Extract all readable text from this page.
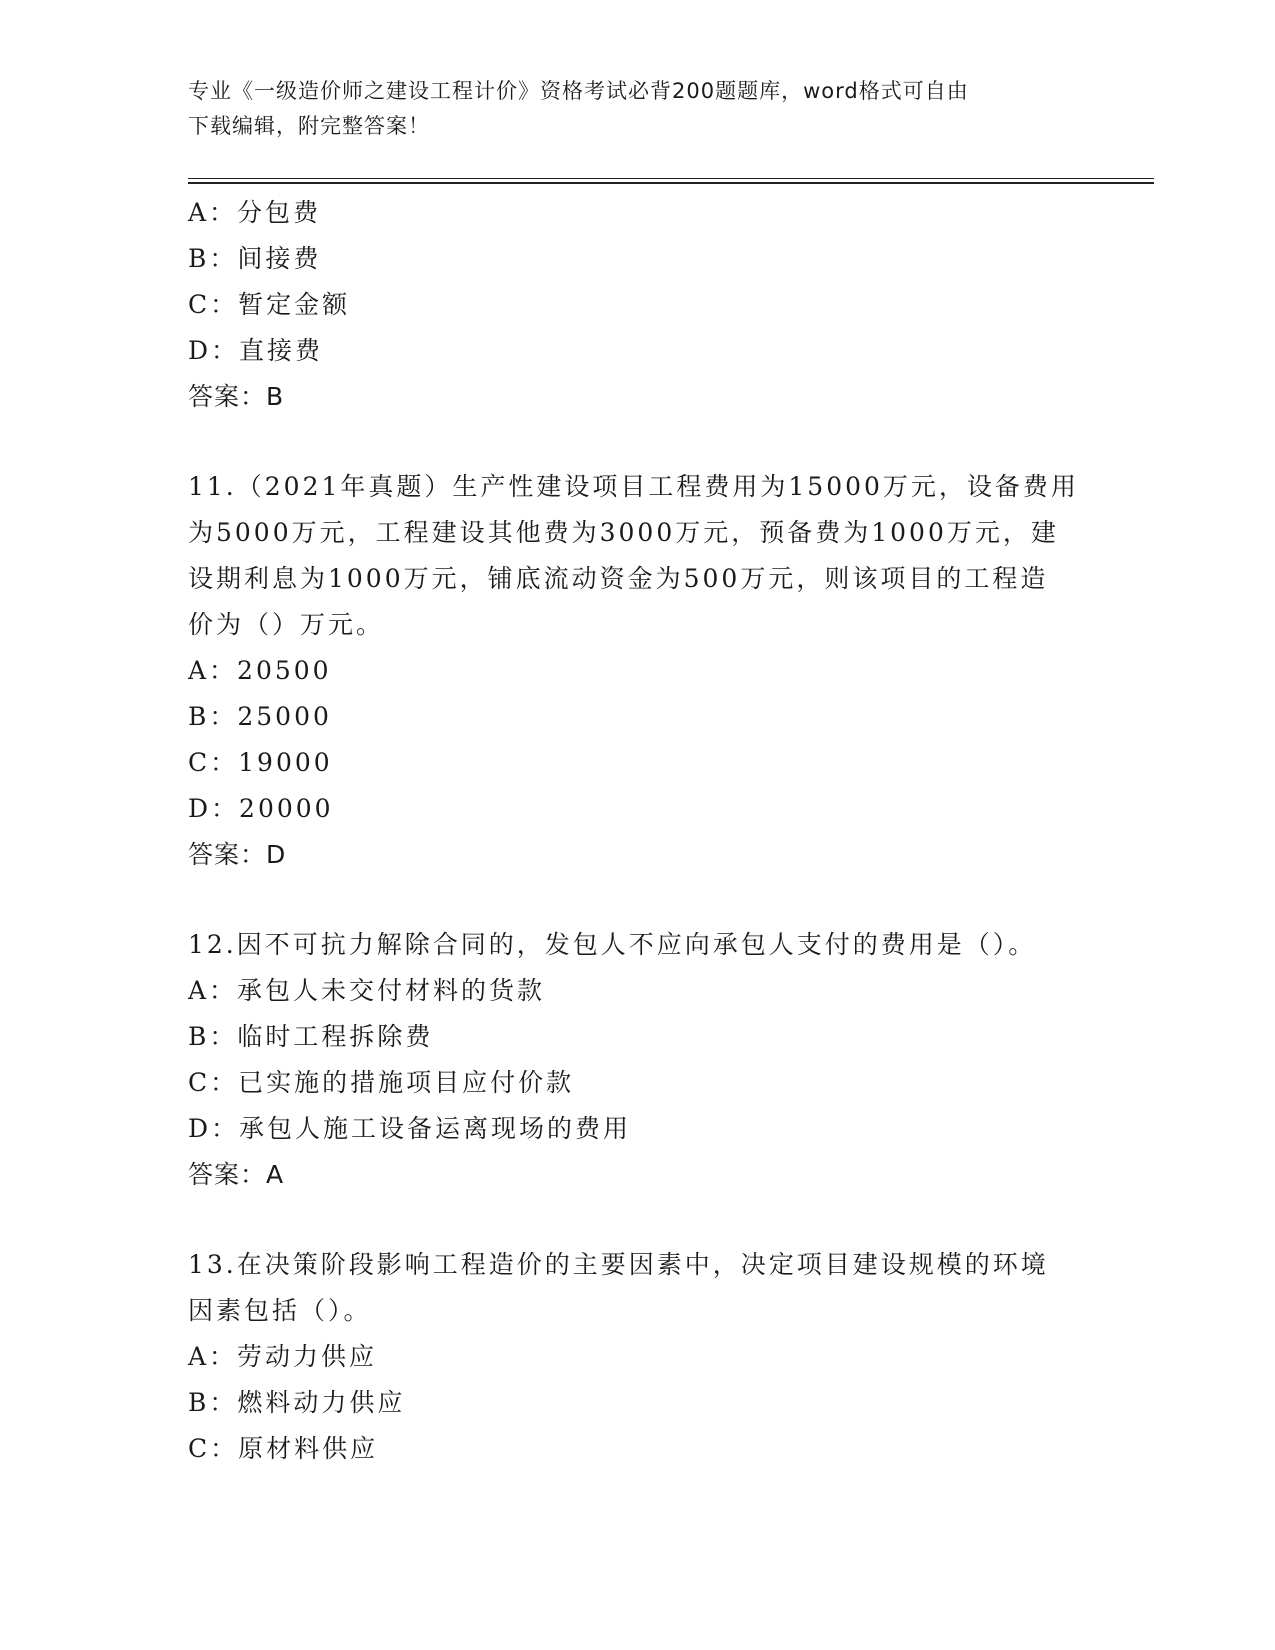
专业《一级造价师之建设工程计价》资格考试必背200题题库，word格式可自由
下载编辑，附完整答案！
A：分包费
B：间接费
C：暂定金额
D：直接费
答案：B
11.（2021年真题）生产性建设项目工程费用为15000万元，设备费用
为5000万元，工程建设其他费为3000万元，预备费为1000万元，建
设期利息为1000万元，铺底流动资金为500万元，则该项目的工程造
价为（）万元。
A：20500
B：25000
C：19000
D：20000
答案：D
12.因不可抗力解除合同的，发包人不应向承包人支付的费用是（）。
A：承包人未交付材料的货款
B：临时工程拆除费
C：已实施的措施项目应付价款
D：承包人施工设备运离现场的费用
答案：A
13.在决策阶段影响工程造价的主要因素中，决定项目建设规模的环境
因素包括（）。
A：劳动力供应
B：燃料动力供应
C：原材料供应
